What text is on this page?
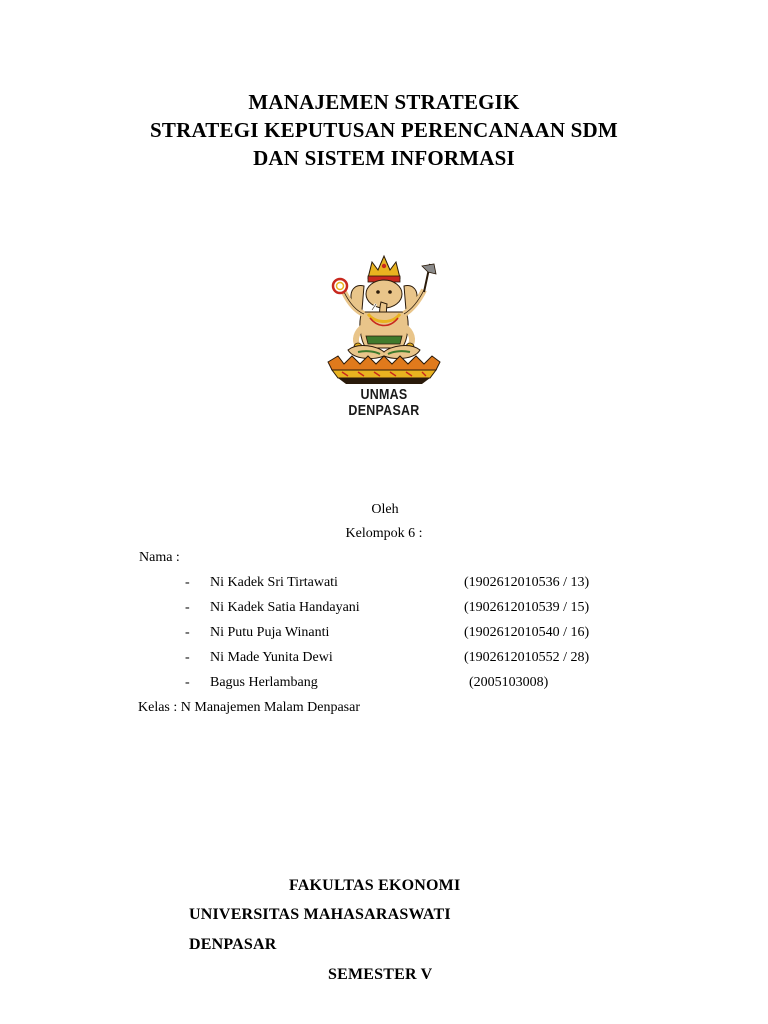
MANAJEMEN STRATEGIK
STRATEGI KEPUTUSAN PERENCANAAN SDM
DAN SISTEM INFORMASI
UNMAS DENPASAR
Oleh
Kelompok 6 :
Nama :
- Ni Kadek Sri Tirtawati	(1902612010536 / 13)
- Ni Kadek Satia Handayani	(1902612010539 / 15)
- Ni Putu Puja Winanti	(1902612010540 / 16)
- Ni Made Yunita Dewi	(1902612010552 / 28)
- Bagus Herlambang	(2005103008)
Kelas : N Manajemen Malam Denpasar
FAKULTAS EKONOMI
UNIVERSITAS MAHASARASWATI
DENPASAR
SEMESTER V
